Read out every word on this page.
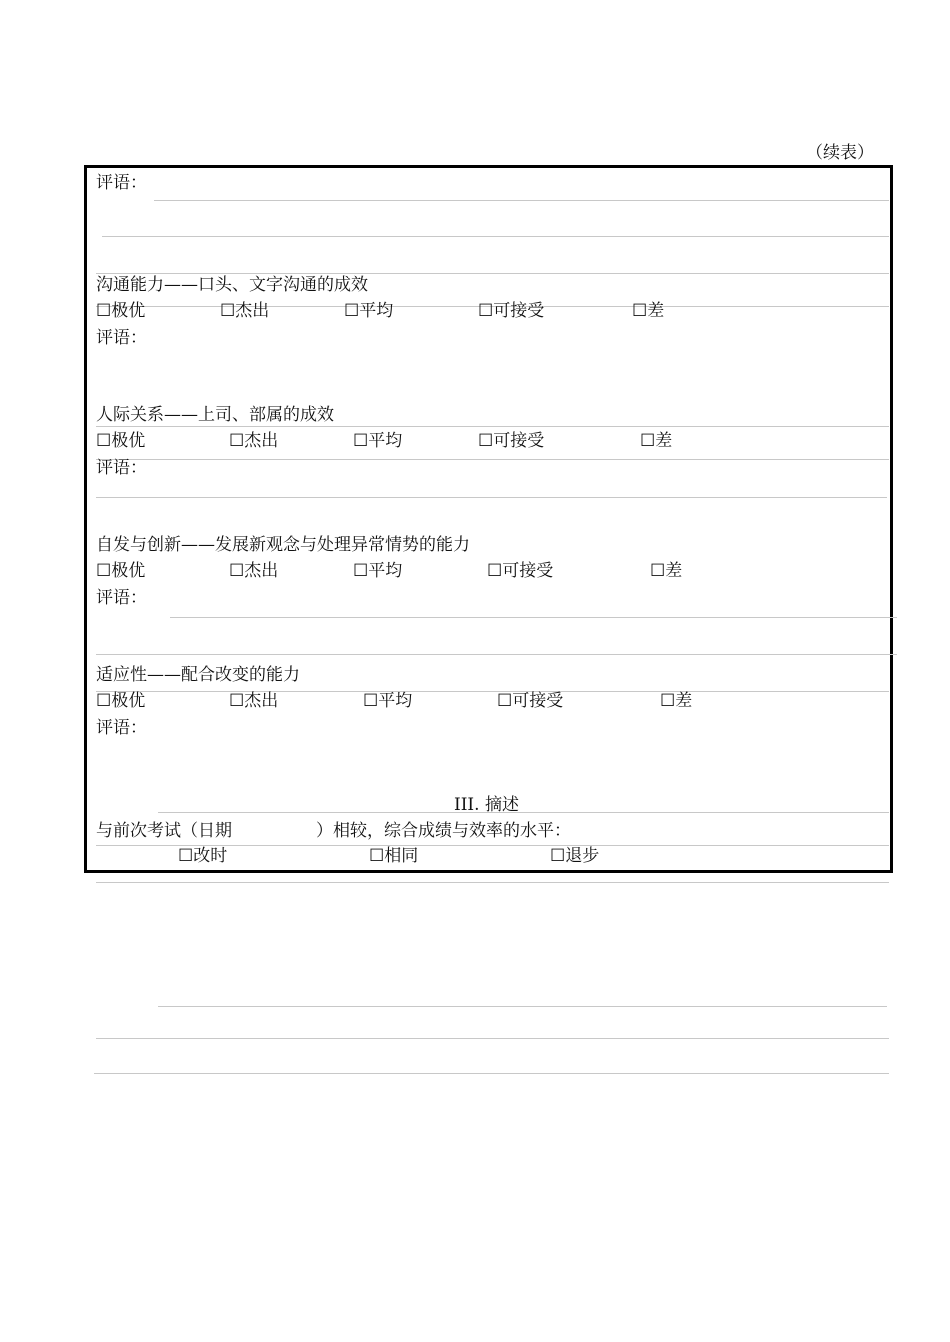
（续表）
评语：
沟通能力——口头、文字沟通的成效
☐极优	☐杰出	☐平均	☐可接受	☐差
评语：
人际关系——上司、部属的成效
☐极优	☐杰出	☐平均	☐可接受	☐差
评语：
自发与创新——发展新观念与处理异常情势的能力
☐极优	☐杰出	☐平均	☐可接受	☐差
评语：
适应性——配合改变的能力
☐极优	☐杰出	☐平均	☐可接受	☐差
评语：
III. 摘述
与前次考试（日期	）相较，综合成绩与效率的水平：
☐改时	☐相同	☐退步
